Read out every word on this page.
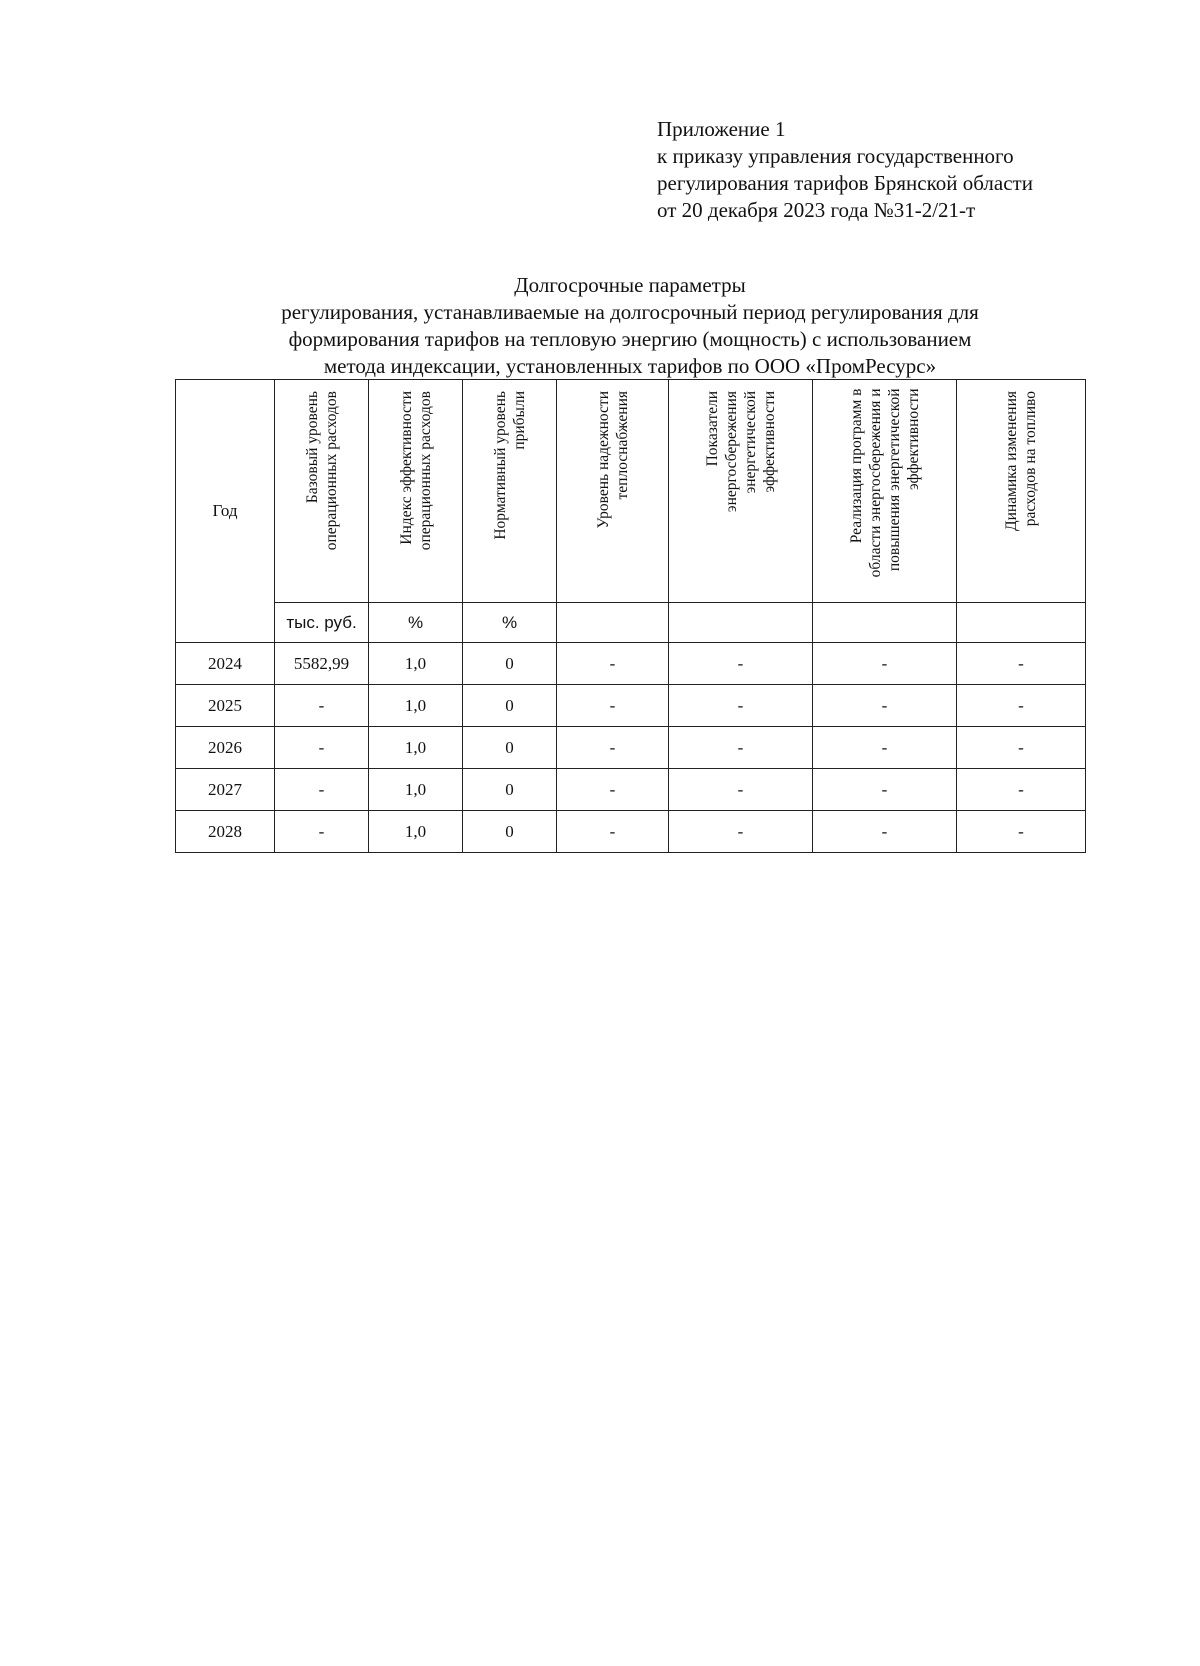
Приложение 1
к приказу управления государственного
регулирования тарифов Брянской области
от 20 декабря 2023 года №31-2/21-т
Долгосрочные параметры
регулирования, устанавливаемые на долгосрочный период регулирования для
формирования тарифов на тепловую энергию (мощность) с использованием
метода индексации, установленных тарифов по ООО «ПромРесурс»
Год	Базовый уровень операционных расходов	Индекс эффективности операционных расходов	Нормативный уровень прибыли	Уровень надежности теплоснабжения	Показатели энергосбережения энергетической эффективности	Реализация программ в области энергосбережения и повышения энергетической эффективности	Динамика изменения расходов на топливо

	тыс. руб.	%	%				
2024	5582,99	1,0	0	-	-	-	-
2025	-	1,0	0	-	-	-	-
2026	-	1,0	0	-	-	-	-
2027	-	1,0	0	-	-	-	-
2028	-	1,0	0	-	-	-	-
